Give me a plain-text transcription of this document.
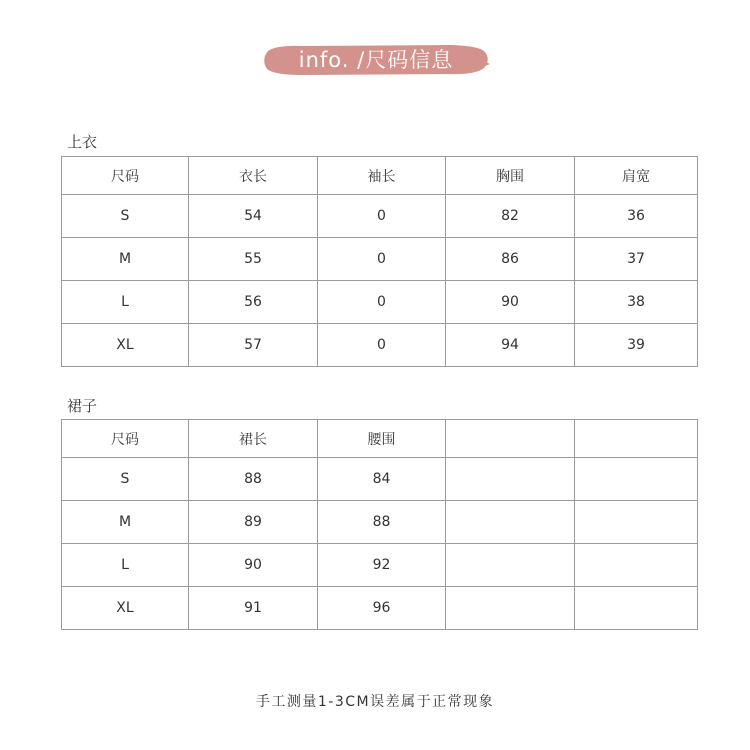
info. /尺码信息
上衣
尺码	衣长	袖长	胸围	肩宽
S	54	0	82	36
M	55	0	86	37
L	56	0	90	38
XL	57	0	94	39
裙子
尺码	裙长	腰围		
S	88	84		
M	89	88		
L	90	92		
XL	91	96		
手工测量1-3CM误差属于正常现象
